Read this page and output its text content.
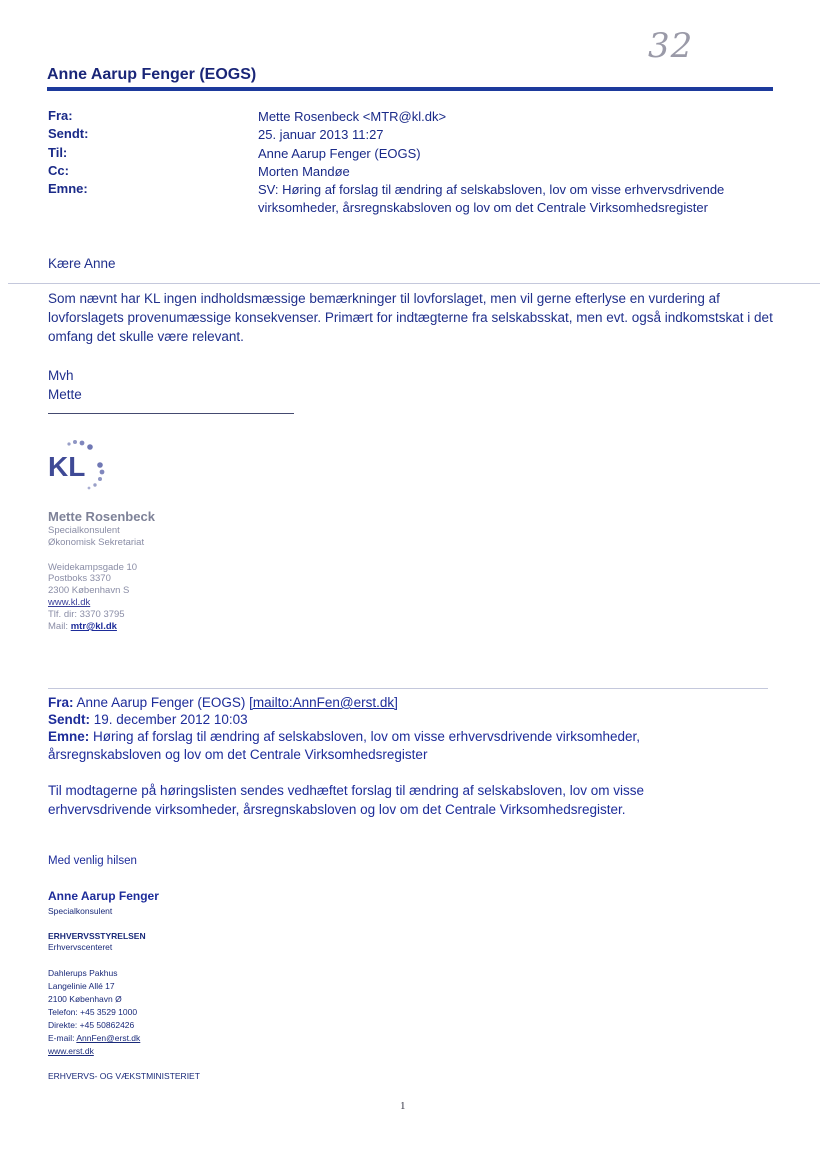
32
Anne Aarup Fenger (EOGS)
Fra:	Mette Rosenbeck <MTR@kl.dk>
Sendt:	25. januar 2013 11:27
Til:	Anne Aarup Fenger (EOGS)
Cc:	Morten Mandøe
Emne:	SV: Høring af forslag til ændring af selskabsloven, lov om visse erhvervsdrivende virksomheder, årsregnskabsloven og lov om det Centrale Virksomhedsregister
Kære Anne
Som nævnt har KL ingen indholdsmæssige bemærkninger til lovforslaget, men vil gerne efterlyse en vurdering af lovforslagets provenumæssige konsekvenser. Primært for indtægterne fra selskabsskat, men evt. også indkomstskat i det omfang det skulle være relevant.
Mvh
Mette
KL
Mette Rosenbeck
Specialkonsulent
Økonomisk Sekretariat
Weidekampsgade 10
Postboks 3370
2300 København S
www.kl.dk
Tlf. dir: 3370 3795
Mail: mtr@kl.dk
Fra: Anne Aarup Fenger (EOGS) [mailto:AnnFen@erst.dk]
Sendt: 19. december 2012 10:03
Emne: Høring af forslag til ændring af selskabsloven, lov om visse erhvervsdrivende virksomheder, årsregnskabsloven og lov om det Centrale Virksomhedsregister
Til modtagerne på høringslisten sendes vedhæftet forslag til ændring af selskabsloven, lov om visse erhvervsdrivende virksomheder, årsregnskabsloven og lov om det Centrale Virksomhedsregister.
Med venlig hilsen
Anne Aarup Fenger
Specialkonsulent
ERHVERVSSTYRELSEN
Erhvervscenteret
Dahlerups Pakhus
Langelinie Allé 17
2100 København Ø
Telefon: +45 3529 1000
Direkte: +45 50862426
E-mail: AnnFen@erst.dk
www.erst.dk
ERHVERVS- OG VÆKSTMINISTERIET
1
